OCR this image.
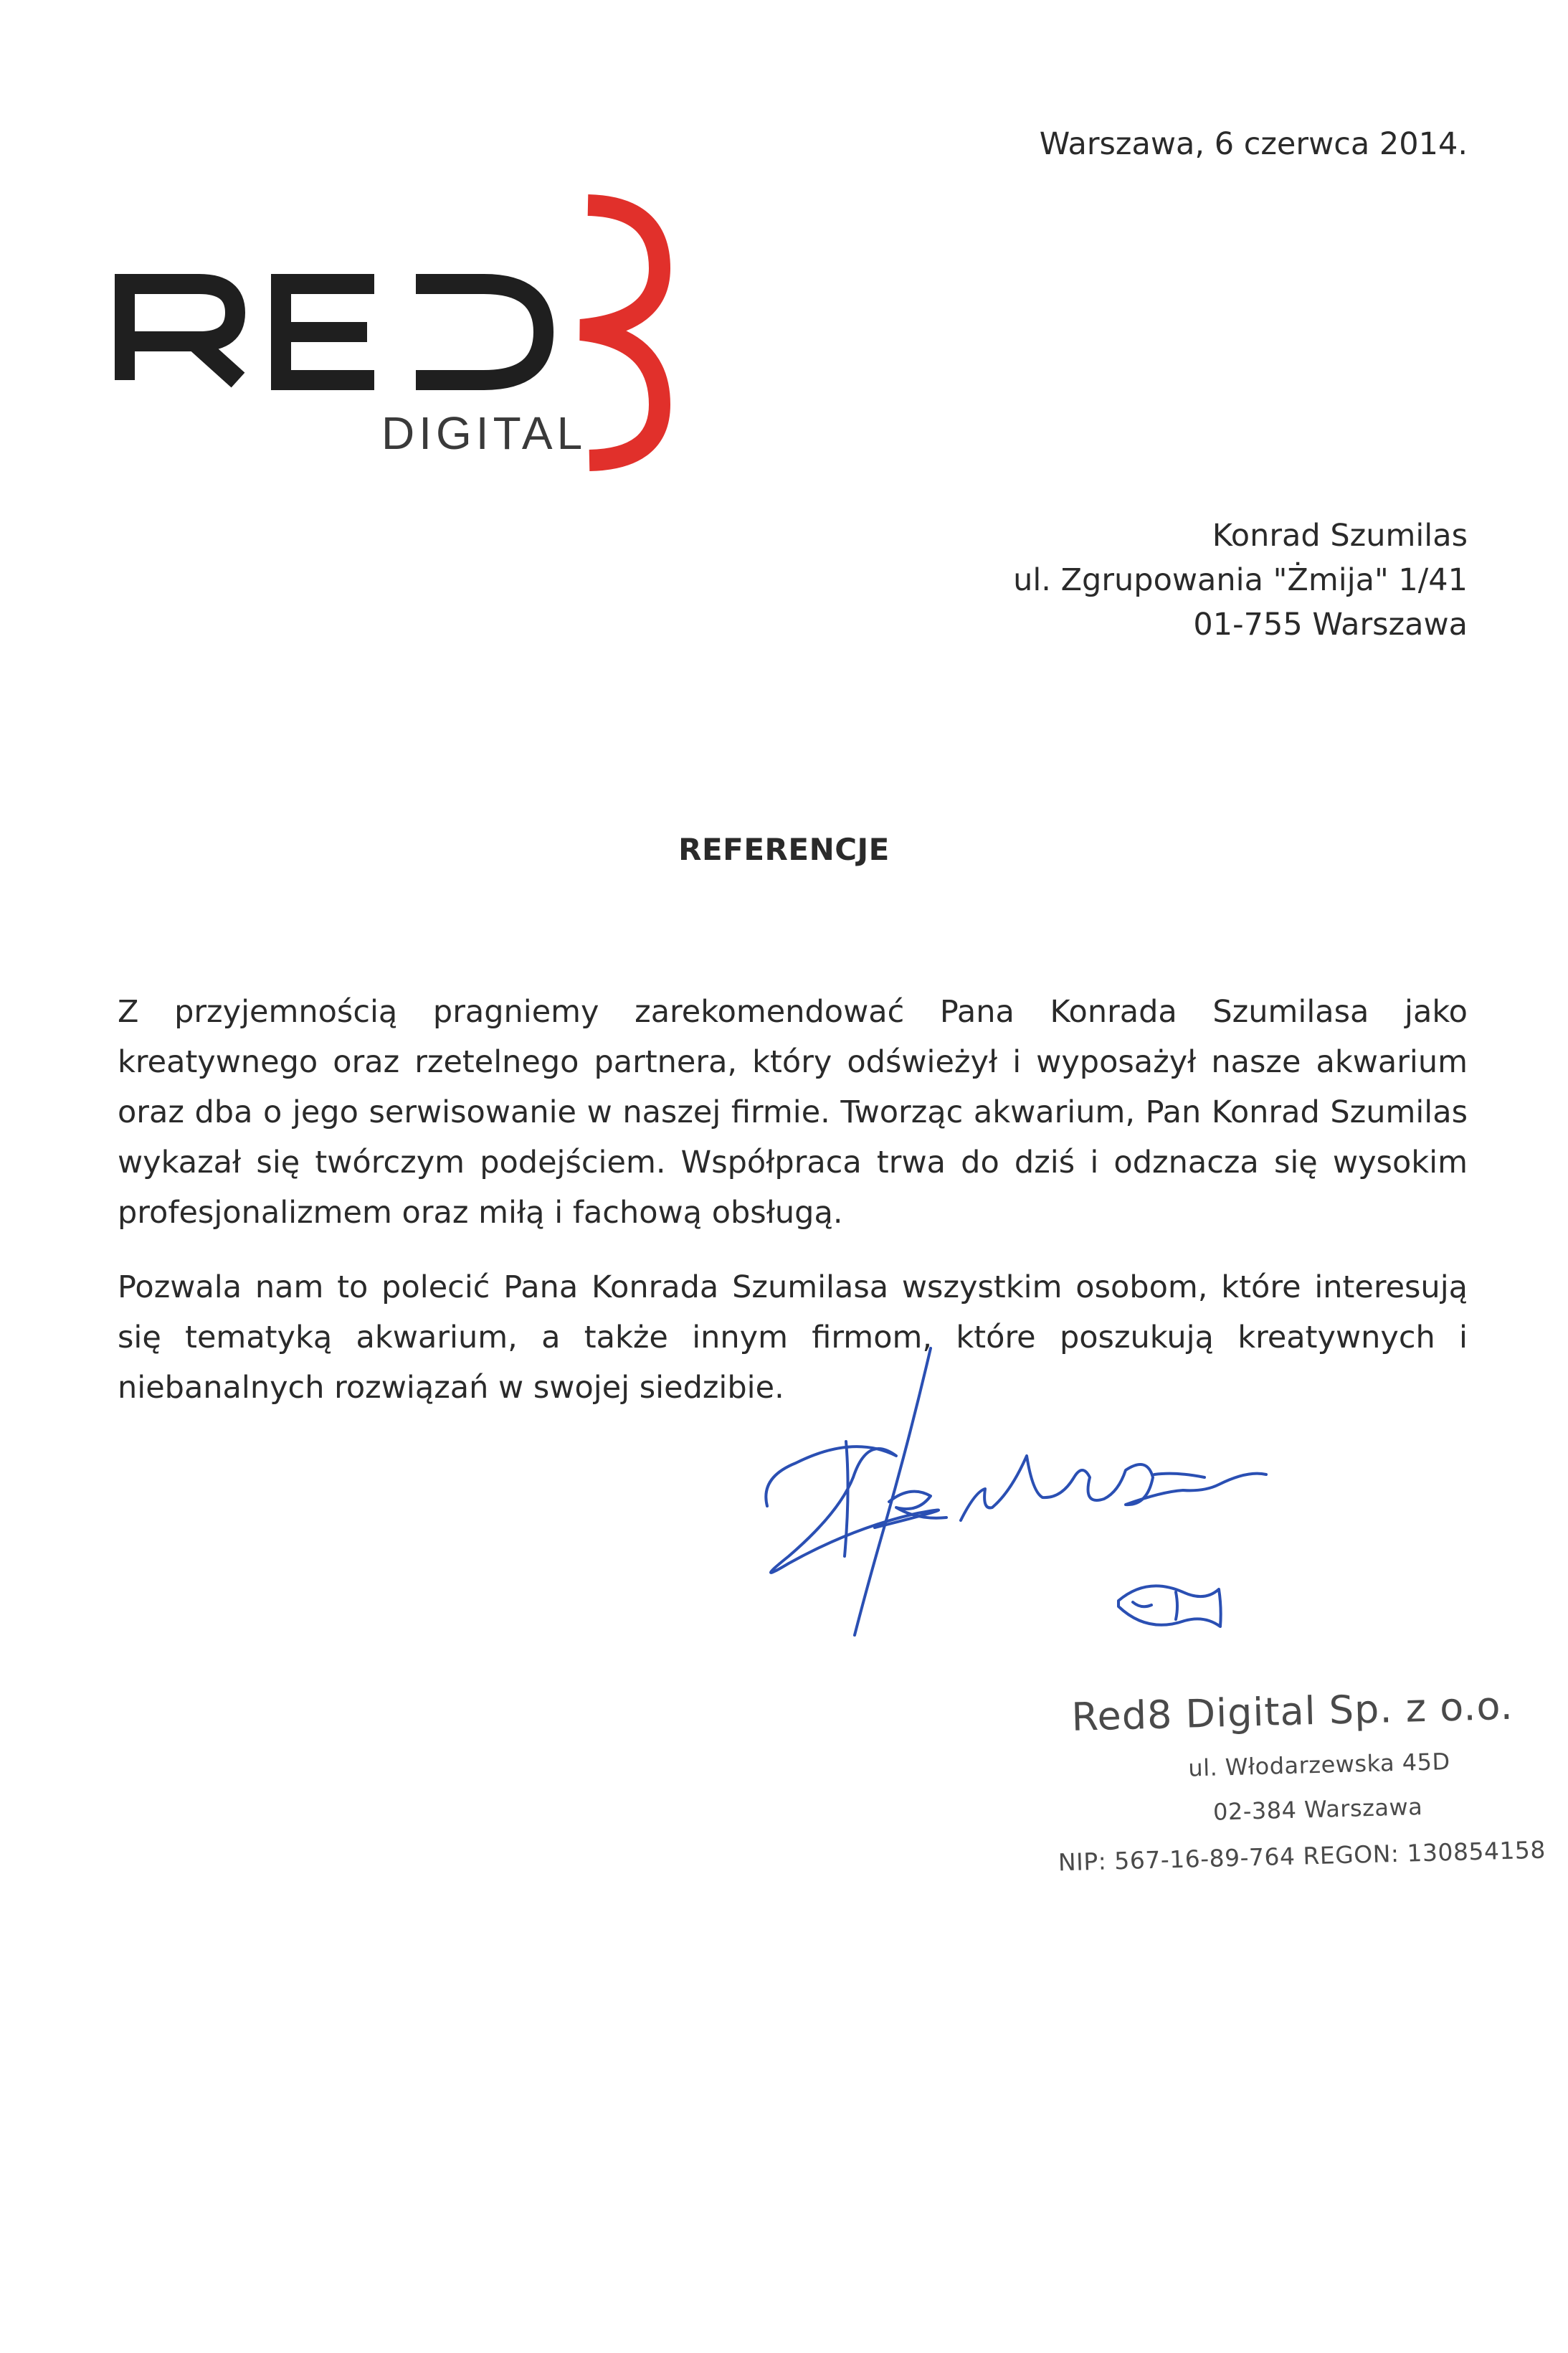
Warszawa, 6 czerwca 2014.
DIGITAL
Konrad Szumilas
ul. Zgrupowania "Żmija" 1/41
01-755 Warszawa
REFERENCJE

Z przyjemnością pragniemy zarekomendować Pana Konrada Szumilasa jako kreatywnego oraz rzetelnego partnera, który odświeżył i wyposażył nasze akwarium oraz dba o jego serwisowanie w naszej firmie. Tworząc akwarium, Pan Konrad Szumilas wykazał się twórczym podejściem. Współpraca trwa do dziś i odznacza się wysokim profesjonalizmem oraz miłą i fachową obsługą.

Pozwala nam to polecić Pana Konrada Szumilasa wszystkim osobom, które interesują się tematyką akwarium, a także innym firmom, które poszukują kreatywnych i niebanalnych rozwiązań w swojej siedzibie.

Red8 Digital Sp. z o.o.
ul. Włodarzewska 45D
02-384 Warszawa
NIP: 567-16-89-764 REGON: 130854158
